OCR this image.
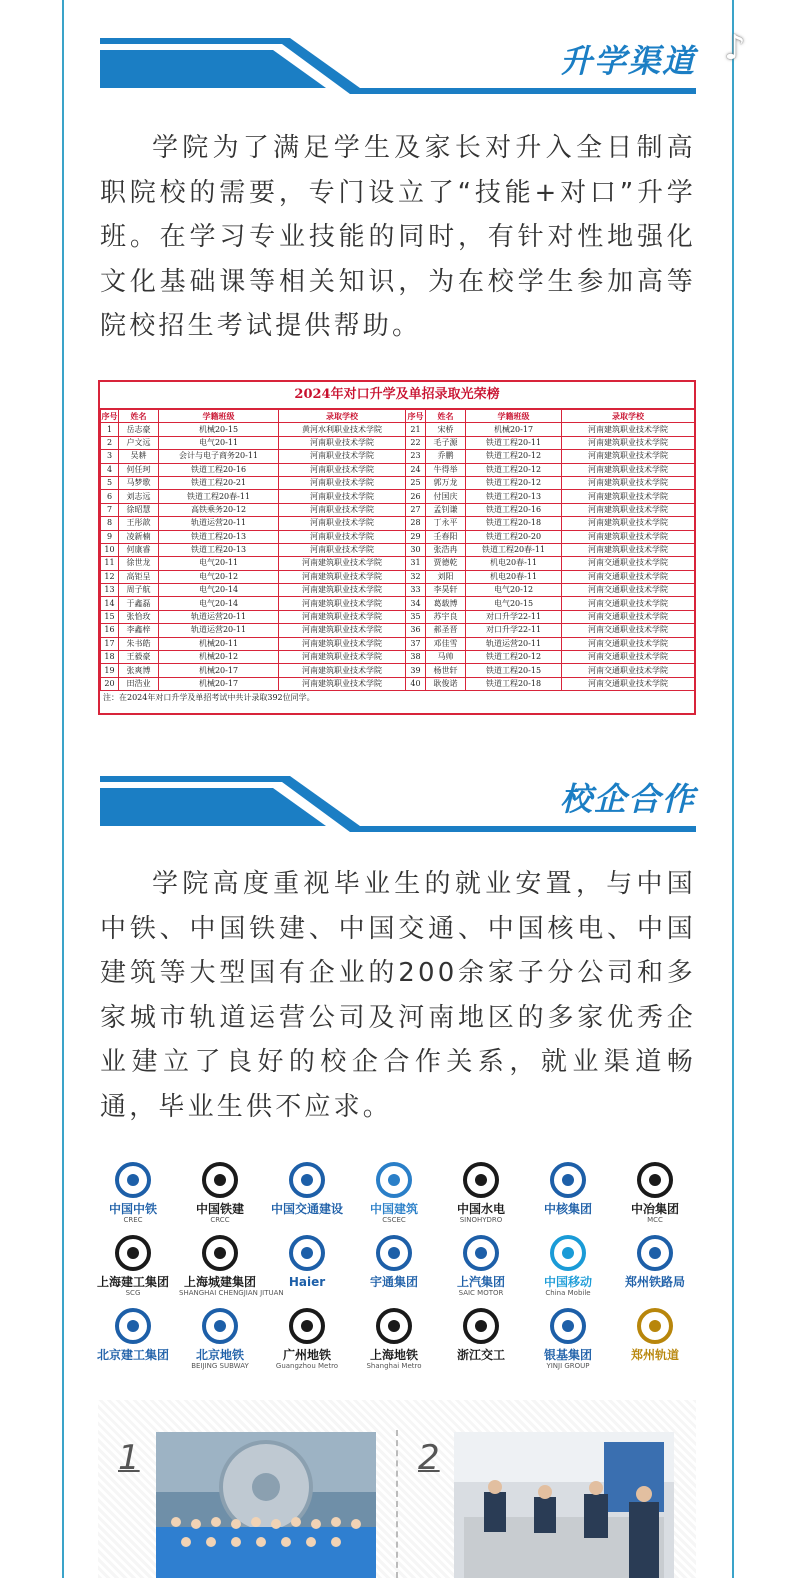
♪
升学渠道
学院为了满足学生及家长对升入全日制高职院校的需要，专门设立了“技能+对口”升学班。在学习专业技能的同时，有针对性地强化文化基础课等相关知识，为在校学生参加高等院校招生考试提供帮助。
2024年对口升学及单招录取光荣榜
序号	姓名	学籍班级	录取学校	序号	姓名	学籍班级	录取学校
1	岳志豪	机械20-15	黄河水利职业技术学院	21	宋桥	机械20-17	河南建筑职业技术学院
2	户文远	电气20-11	河南职业技术学院	22	毛子源	铁道工程20-11	河南建筑职业技术学院
3	吴耕	会计与电子商务20-11	河南职业技术学院	23	乔鹏	铁道工程20-12	河南建筑职业技术学院
4	何任珂	铁道工程20-16	河南职业技术学院	24	牛得举	铁道工程20-12	河南建筑职业技术学院
5	马梦歌	铁道工程20-21	河南职业技术学院	25	郭万龙	铁道工程20-12	河南建筑职业技术学院
6	刘志远	铁道工程20春-11	河南职业技术学院	26	付国庆	铁道工程20-13	河南建筑职业技术学院
7	徐昭慧	高铁乘务20-12	河南职业技术学院	27	孟钊谦	铁道工程20-16	河南建筑职业技术学院
8	王彤歆	轨道运营20-11	河南职业技术学院	28	丁永平	铁道工程20-18	河南建筑职业技术学院
9	凌新楠	铁道工程20-13	河南职业技术学院	29	壬春阳	铁道工程20-20	河南建筑职业技术学院
10	何康睿	铁道工程20-13	河南职业技术学院	30	张浩冉	铁道工程20春-11	河南建筑职业技术学院
11	徐世龙	电气20-11	河南建筑职业技术学院	31	贾德乾	机电20春-11	河南交通职业技术学院
12	高钜呈	电气20-12	河南建筑职业技术学院	32	刘阳	机电20春-11	河南交通职业技术学院
13	周子航	电气20-14	河南建筑职业技术学院	33	李昊轩	电气20-12	河南交通职业技术学院
14	于鑫磊	电气20-14	河南建筑职业技术学院	34	葛载博	电气20-15	河南交通职业技术学院
15	张恰玫	轨道运营20-11	河南建筑职业技术学院	35	苏宇良	对口升学22-11	河南交通职业技术学院
16	李鑫梓	轨道运营20-11	河南建筑职业技术学院	36	郝圣晋	对口升学22-11	河南交通职业技术学院
17	朱书皓	机械20-11	河南建筑职业技术学院	37	邓佳雪	轨道运营20-11	河南交通职业技术学院
18	王毅豪	机械20-12	河南建筑职业技术学院	38	马帅	铁道工程20-12	河南交通职业技术学院
19	张爽博	机械20-17	河南建筑职业技术学院	39	杨世轩	铁道工程20-15	河南交通职业技术学院
20	田浩业	机械20-17	河南建筑职业技术学院	40	耿俊诺	铁道工程20-18	河南交通职业技术学院
注：在2024年对口升学及单招考试中共计录取392位同学。
校企合作
学院高度重视毕业生的就业安置，与中国中铁、中国铁建、中国交通、中国核电、中国建筑等大型国有企业的200余家子分公司和多家城市轨道运营公司及河南地区的多家优秀企业建立了良好的校企合作关系，就业渠道畅通，毕业生供不应求。
中国中铁
CREC
中国铁建
CRCC
中国交通建设	中国建筑
CSCEC
中国水电
SINOHYDRO
中核集团	中冶集团
MCC
上海建工集团
SCG
上海城建集团
SHANGHAI CHENGJIAN JITUAN
Haier	宇通集团	上汽集团
SAIC MOTOR
中国移动
China Mobile
郑州铁路局
北京建工集团	北京地铁
BEIJING SUBWAY
广州地铁
Guangzhou Metro
上海地铁
Shanghai Metro
浙江交工	银基集团
YINJI GROUP
郑州轨道
1	2
